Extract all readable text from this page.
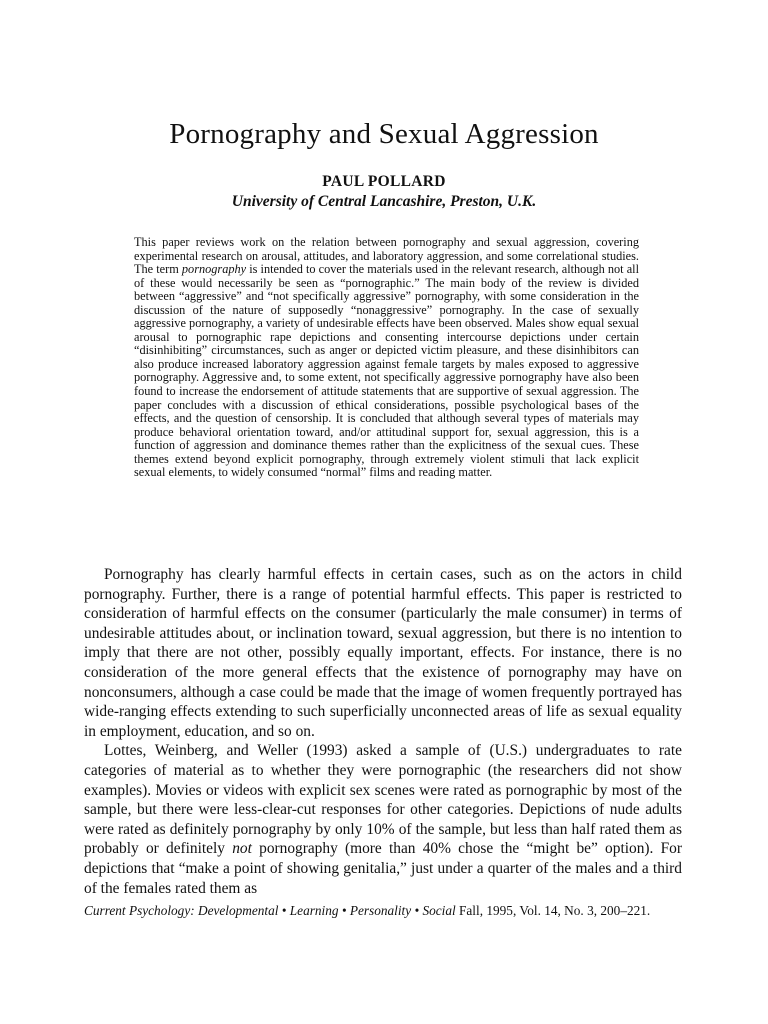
Pornography and Sexual Aggression
PAUL POLLARD
University of Central Lancashire, Preston, U.K.

This paper reviews work on the relation between pornography and sexual aggression, covering experimental research on arousal, attitudes, and laboratory aggression, and some correlational studies. The term pornography is intended to cover the materials used in the relevant research, although not all of these would necessarily be seen as “pornographic.” The main body of the review is divided between “aggressive” and “not specifically aggressive” pornography, with some consideration in the discussion of the nature of supposedly “nonaggressive” pornography. In the case of sexually aggressive pornography, a variety of undesirable effects have been observed. Males show equal sexual arousal to pornographic rape depictions and consenting intercourse depictions under certain “disinhibiting” circumstances, such as anger or depicted victim pleasure, and these disinhibitors can also produce increased laboratory aggression against female targets by males exposed to aggressive pornography. Aggressive and, to some extent, not specifically aggressive pornography have also been found to increase the endorsement of attitude statements that are supportive of sexual aggression. The paper concludes with a discussion of ethical considerations, possible psychological bases of the effects, and the question of censorship. It is concluded that although several types of materials may produce behavioral orientation toward, and/or attitudinal support for, sexual aggression, this is a function of aggression and dominance themes rather than the explicitness of the sexual cues. These themes extend beyond explicit pornography, through extremely violent stimuli that lack explicit sexual elements, to widely consumed “normal” films and reading matter.

Pornography has clearly harmful effects in certain cases, such as on the actors in child pornography. Further, there is a range of potential harmful effects. This paper is restricted to consideration of harmful effects on the consumer (particularly the male consumer) in terms of undesirable attitudes about, or inclination toward, sexual aggression, but there is no intention to imply that there are not other, possibly equally important, effects. For instance, there is no consideration of the more general effects that the existence of pornography may have on nonconsumers, although a case could be made that the image of women frequently portrayed has wide-ranging effects extending to such superficially unconnected areas of life as sexual equality in employment, education, and so on.

Lottes, Weinberg, and Weller (1993) asked a sample of (U.S.) undergraduates to rate categories of material as to whether they were pornographic (the researchers did not show examples). Movies or videos with explicit sex scenes were rated as pornographic by most of the sample, but there were less-clear-cut responses for other categories. Depictions of nude adults were rated as definitely pornography by only 10% of the sample, but less than half rated them as probably or definitely not pornography (more than 40% chose the “might be” option). For depictions that “make a point of showing genitalia,” just under a quarter of the males and a third of the females rated them as

Current Psychology: Developmental • Learning • Personality • Social Fall, 1995, Vol. 14, No. 3, 200–221.
